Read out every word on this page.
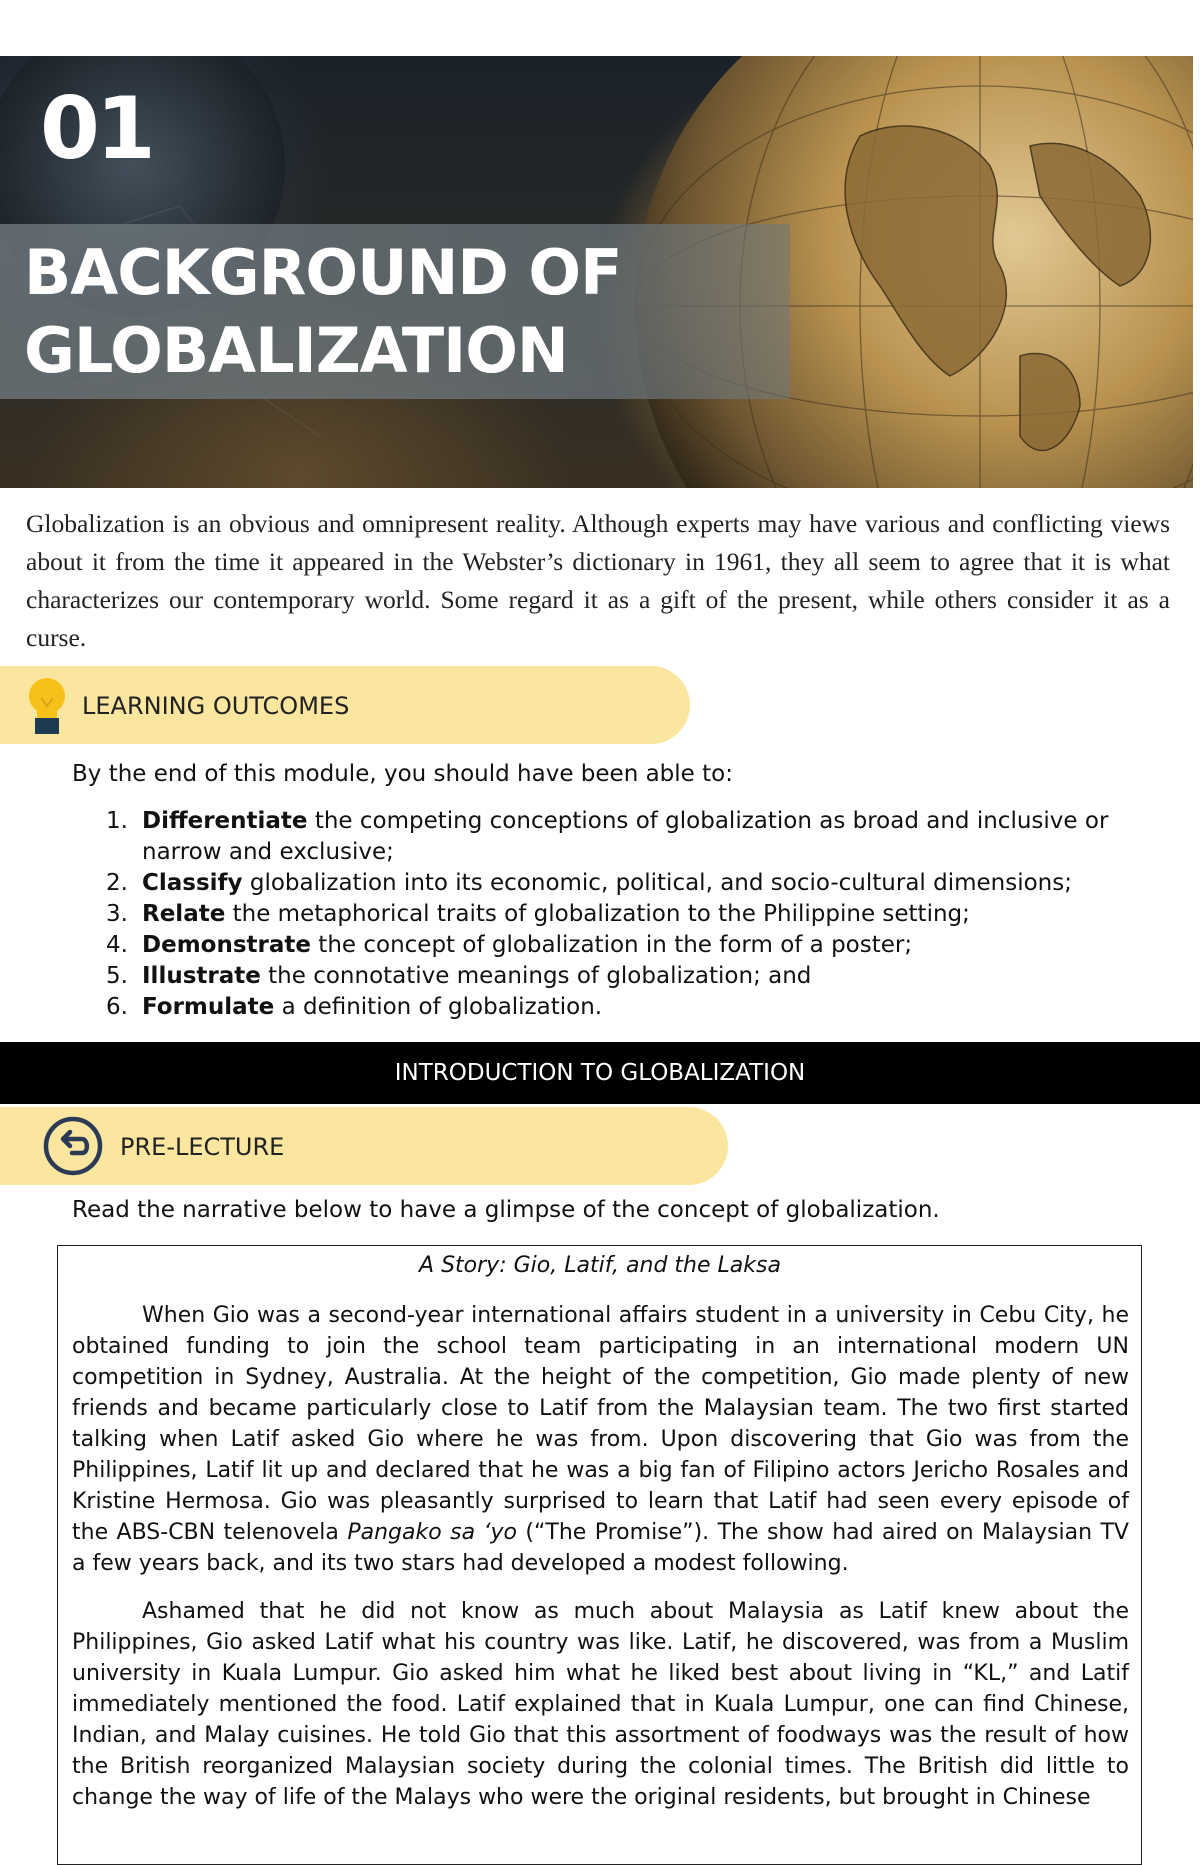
01
BACKGROUND OF
GLOBALIZATION

Globalization is an obvious and omnipresent reality. Although experts may have various and conflicting views about it from the time it appeared in the Webster’s dictionary in 1961, they all seem to agree that it is what characterizes our contemporary world. Some regard it as a gift of the present, while others consider it as a curse.

LEARNING OUTCOMES

By the end of this module, you should have been able to:

1. Differentiate the competing conceptions of globalization as broad and inclusive or narrow and exclusive;
2. Classify globalization into its economic, political, and socio-cultural dimensions;
3. Relate the metaphorical traits of globalization to the Philippine setting;
4. Demonstrate the concept of globalization in the form of a poster;
5. Illustrate the connotative meanings of globalization; and
6. Formulate a definition of globalization.
INTRODUCTION TO GLOBALIZATION
PRE-LECTURE

Read the narrative below to have a glimpse of the concept of globalization.

A Story: Gio, Latif, and the Laksa

When Gio was a second-year international affairs student in a university in Cebu City, he obtained funding to join the school team participating in an international modern UN competition in Sydney, Australia. At the height of the competition, Gio made plenty of new friends and became particularly close to Latif from the Malaysian team. The two first started talking when Latif asked Gio where he was from. Upon discovering that Gio was from the Philippines, Latif lit up and declared that he was a big fan of Filipino actors Jericho Rosales and Kristine Hermosa. Gio was pleasantly surprised to learn that Latif had seen every episode of the ABS-CBN telenovela Pangako sa ‘yo (“The Promise”). The show had aired on Malaysian TV a few years back, and its two stars had developed a modest following.

Ashamed that he did not know as much about Malaysia as Latif knew about the Philippines, Gio asked Latif what his country was like. Latif, he discovered, was from a Muslim university in Kuala Lumpur. Gio asked him what he liked best about living in “KL,” and Latif immediately mentioned the food. Latif explained that in Kuala Lumpur, one can find Chinese, Indian, and Malay cuisines. He told Gio that this assortment of foodways was the result of how the British reorganized Malaysian society during the colonial times. The British did little to change the way of life of the Malays who were the original residents, but brought in Chinese
